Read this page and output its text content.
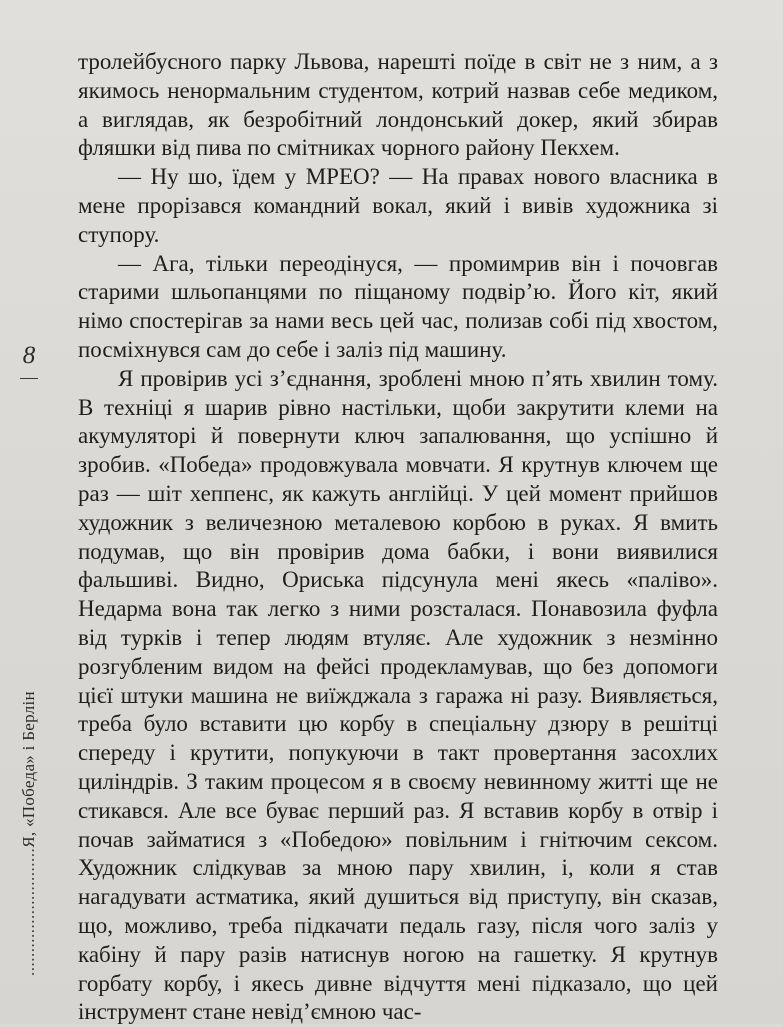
8
...........................Я, «Победа» і Берлін

тролейбусного парку Львова, нарешті поїде в світ не з ним, а з якимось ненормальним студентом, котрий назвав себе медиком, а виглядав, як безробітний лондонський докер, який збирав фляшки від пива по смітниках чорного району Пекхем.

— Ну шо, їдем у МРЕО? — На правах нового власника в мене прорізався командний вокал, який і вивів художника зі ступору.

— Ага, тільки переодінуся, — промимрив він і почовгав старими шльопанцями по піщаному подвір’ю. Його кіт, який німо спостерігав за нами весь цей час, полизав собі під хвостом, посміхнувся сам до себе і заліз під машину.

Я провірив усі з’єднання, зроблені мною п’ять хвилин тому. В техніці я шарив рівно настільки, щоби закрутити клеми на акумуляторі й повернути ключ запалювання, що успішно й зробив. «Победа» продовжувала мовчати. Я крутнув ключем ще раз — шіт хеппенс, як кажуть англійці. У цей момент прийшов художник з величезною металевою корбою в руках. Я вмить подумав, що він провірив дома бабки, і вони виявилися фальшиві. Видно, Ориська підсунула мені якесь «паліво». Недарма вона так легко з ними розсталася. Понавозила фуфла від турків і тепер людям втуляє. Але художник з незмінно розгубленим видом на фейсі продекламував, що без допомоги цієї штуки машина не виїжджала з гаража ні разу. Виявляється, треба було вставити цю корбу в спеціальну дзюру в решітці спереду і крутити, попукуючи в такт провертання засохлих циліндрів. З таким процесом я в своєму невинному житті ще не стикався. Але все буває перший раз. Я вставив корбу в отвір і почав займатися з «Победою» повільним і гнітючим сексом. Художник слідкував за мною пару хвилин, і, коли я став нагадувати астматика, який душиться від приступу, він сказав, що, можливо, треба підкачати педаль газу, після чого заліз у кабіну й пару разів натиснув ногою на гашетку. Я крутнув горбату корбу, і якесь дивне відчуття мені підказало, що цей інструмент стане невід’ємною час-
